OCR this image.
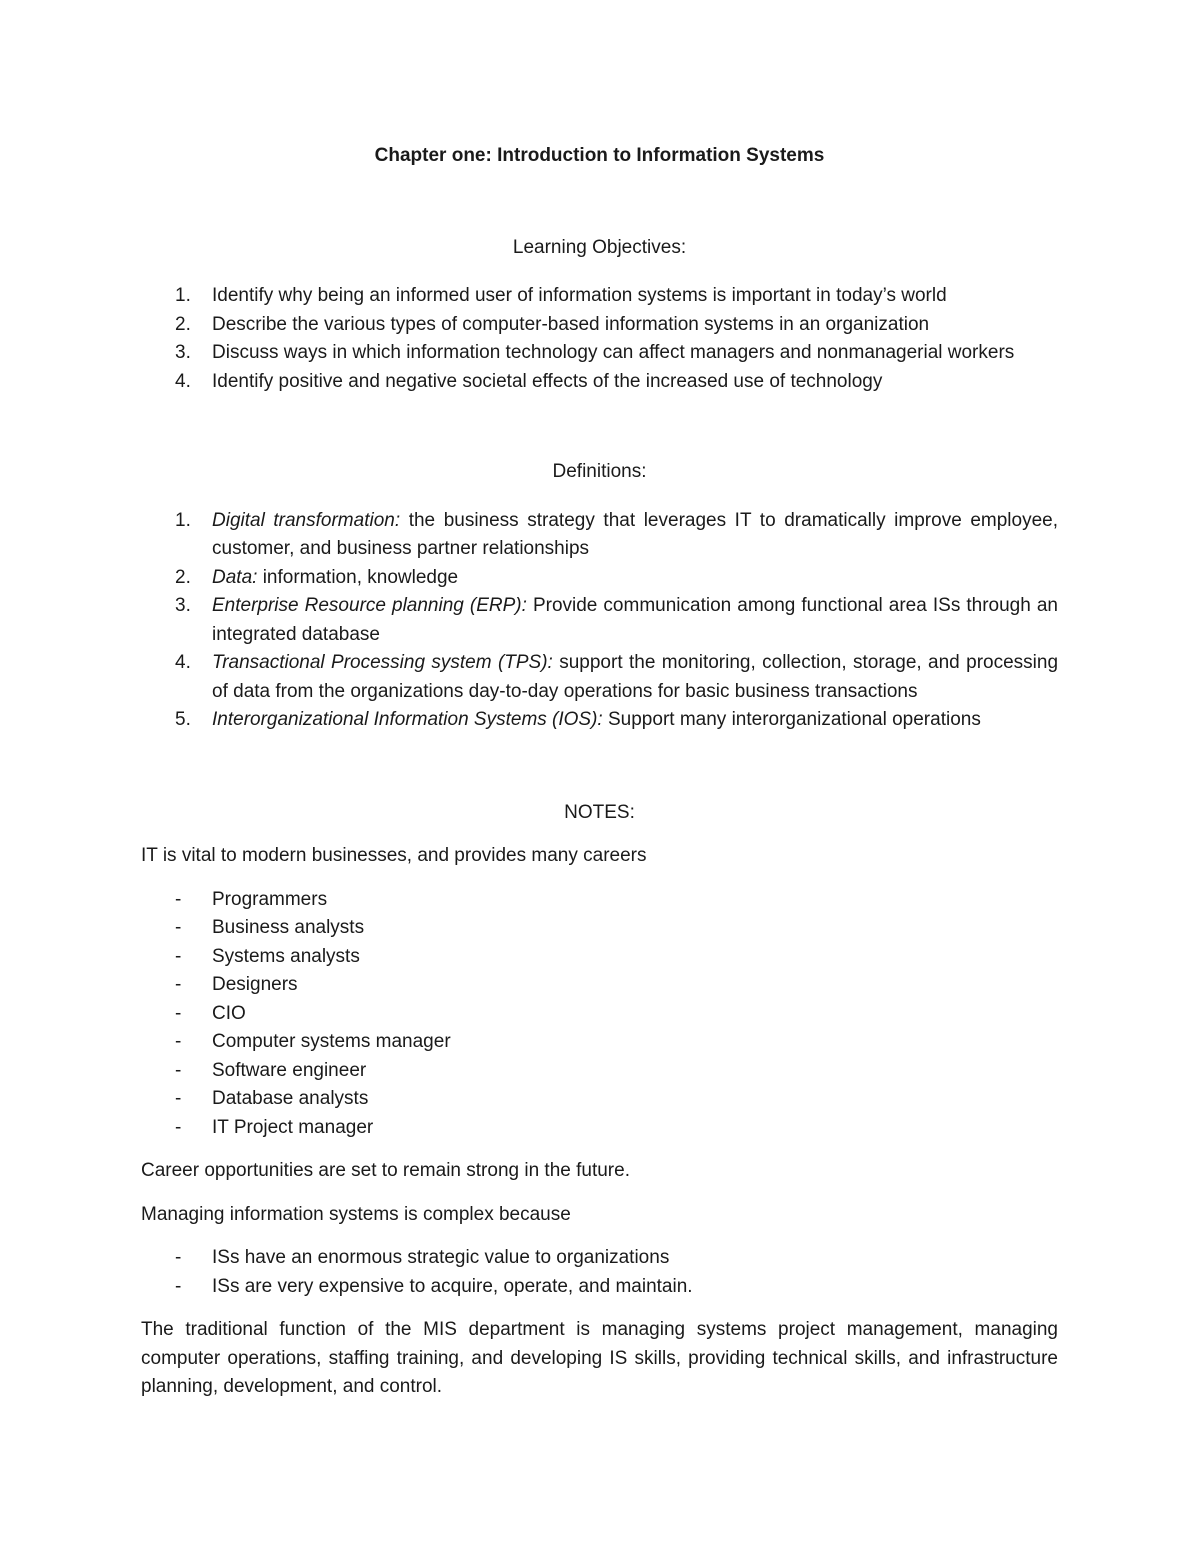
Chapter one: Introduction to Information Systems
Learning Objectives:
1. Identify why being an informed user of information systems is important in today’s world
2. Describe the various types of computer-based information systems in an organization
3. Discuss ways in which information technology can affect managers and nonmanagerial workers
4. Identify positive and negative societal effects of the increased use of technology
Definitions:
1. Digital transformation: the business strategy that leverages IT to dramatically improve employee, customer, and business partner relationships
2. Data: information, knowledge
3. Enterprise Resource planning (ERP): Provide communication among functional area ISs through an integrated database
4. Transactional Processing system (TPS): support the monitoring, collection, storage, and processing of data from the organizations day-to-day operations for basic business transactions
5. Interorganizational Information Systems (IOS): Support many interorganizational operations
NOTES:

IT is vital to modern businesses, and provides many careers

- Programmers
- Business analysts
- Systems analysts
- Designers
- CIO
- Computer systems manager
- Software engineer
- Database analysts
- IT Project manager

Career opportunities are set to remain strong in the future.

Managing information systems is complex because

- ISs have an enormous strategic value to organizations
- ISs are very expensive to acquire, operate, and maintain.

The traditional function of the MIS department is managing systems project management, managing computer operations, staffing training, and developing IS skills, providing technical skills, and infrastructure planning, development, and control.
